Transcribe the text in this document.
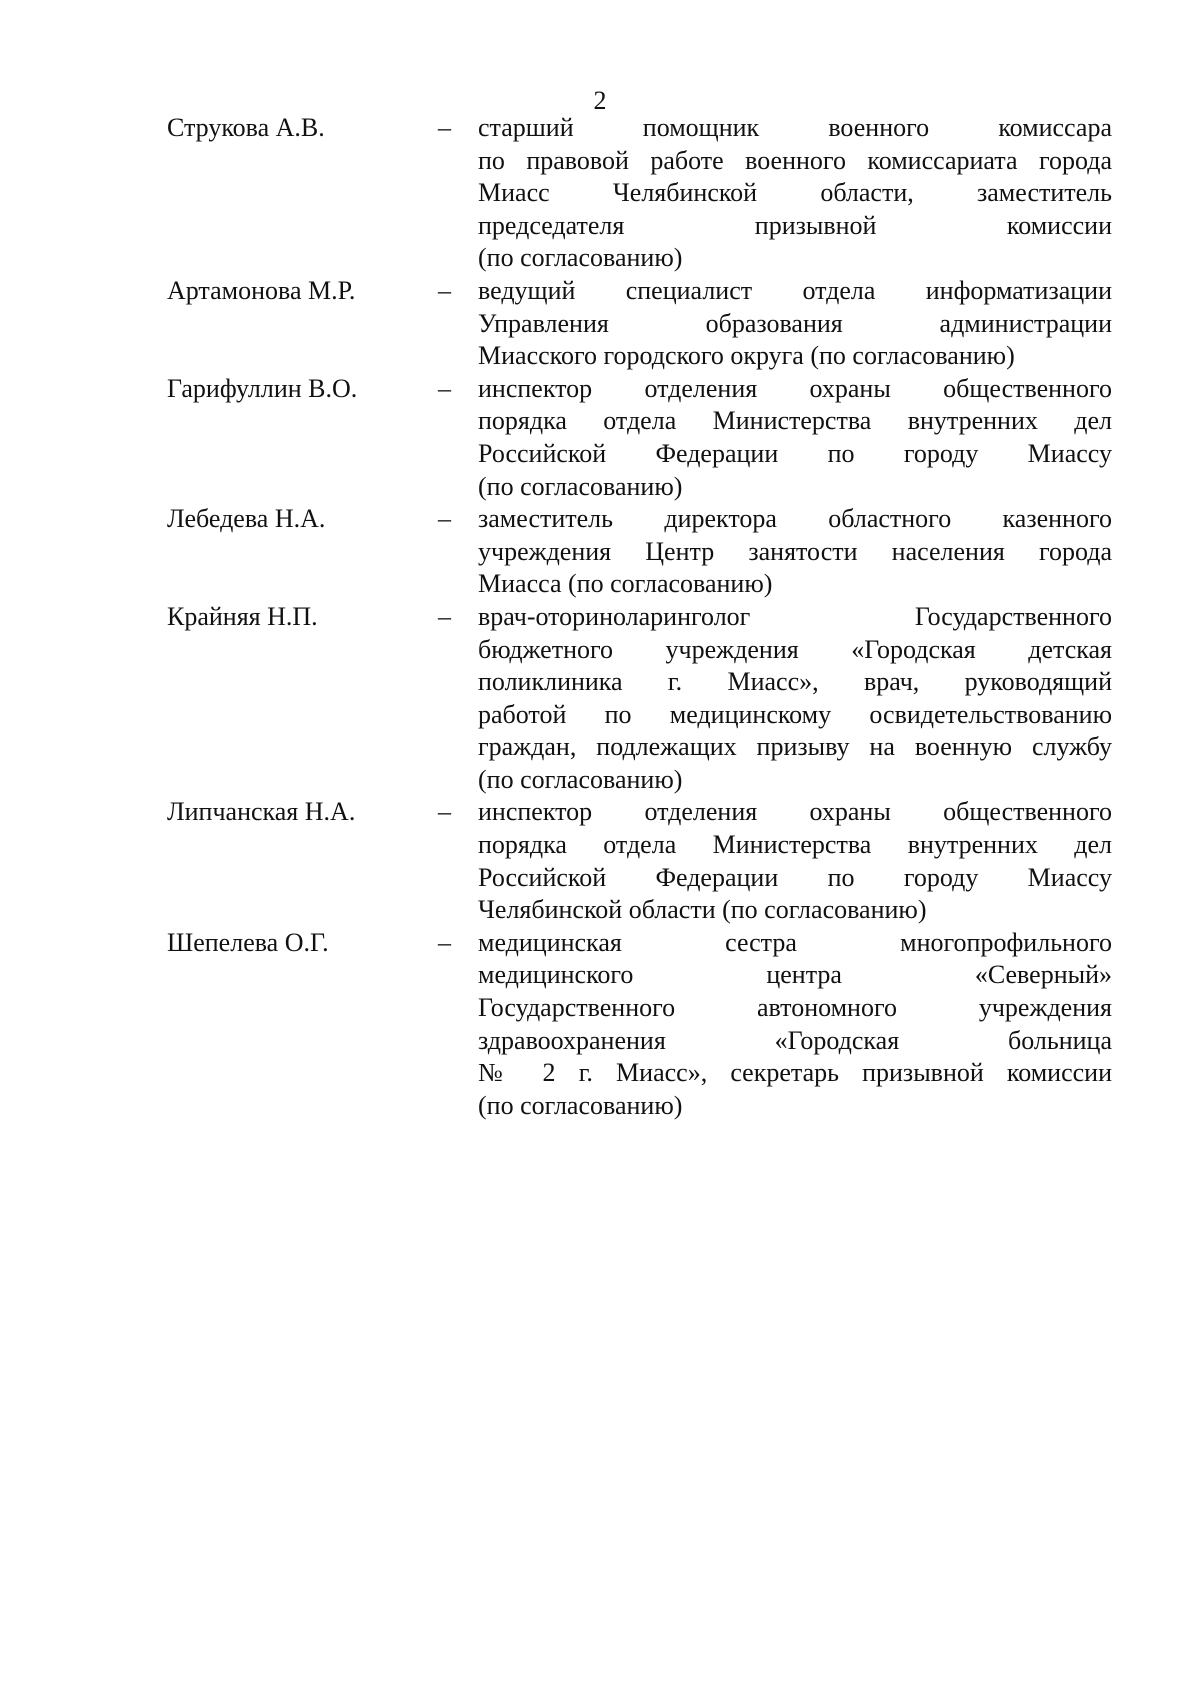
2
Струкова А.В.	– старший помощник военного комиссара
по правовой работе военного комиссариата города
Миасс Челябинской области, заместитель
председателя призывной комиссии
(по согласованию)
Артамонова М.Р.	– ведущий специалист отдела информатизации
Управления образования администрации
Миасского городского округа (по согласованию)
Гарифуллин В.О.	– инспектор отделения охраны общественного
порядка отдела Министерства внутренних дел
Российской Федерации по городу Миассу
(по согласованию)
Лебедева Н.А.	– заместитель директора областного казенного
учреждения Центр занятости населения города
Миасса (по согласованию)
Крайняя Н.П.	– врач-оториноларинголог Государственного
бюджетного учреждения «Городская детская
поликлиника г. Миасс», врач, руководящий
работой по медицинскому освидетельствованию
граждан, подлежащих призыву на военную службу
(по согласованию)
Липчанская Н.А.	– инспектор отделения охраны общественного
порядка отдела Министерства внутренних дел
Российской Федерации по городу Миассу
Челябинской области (по согласованию)
Шепелева О.Г.	– медицинская сестра многопрофильного
медицинского центра «Северный»
Государственного автономного учреждения
здравоохранения «Городская больница
№ 2 г. Миасс», секретарь призывной комиссии
(по согласованию)
